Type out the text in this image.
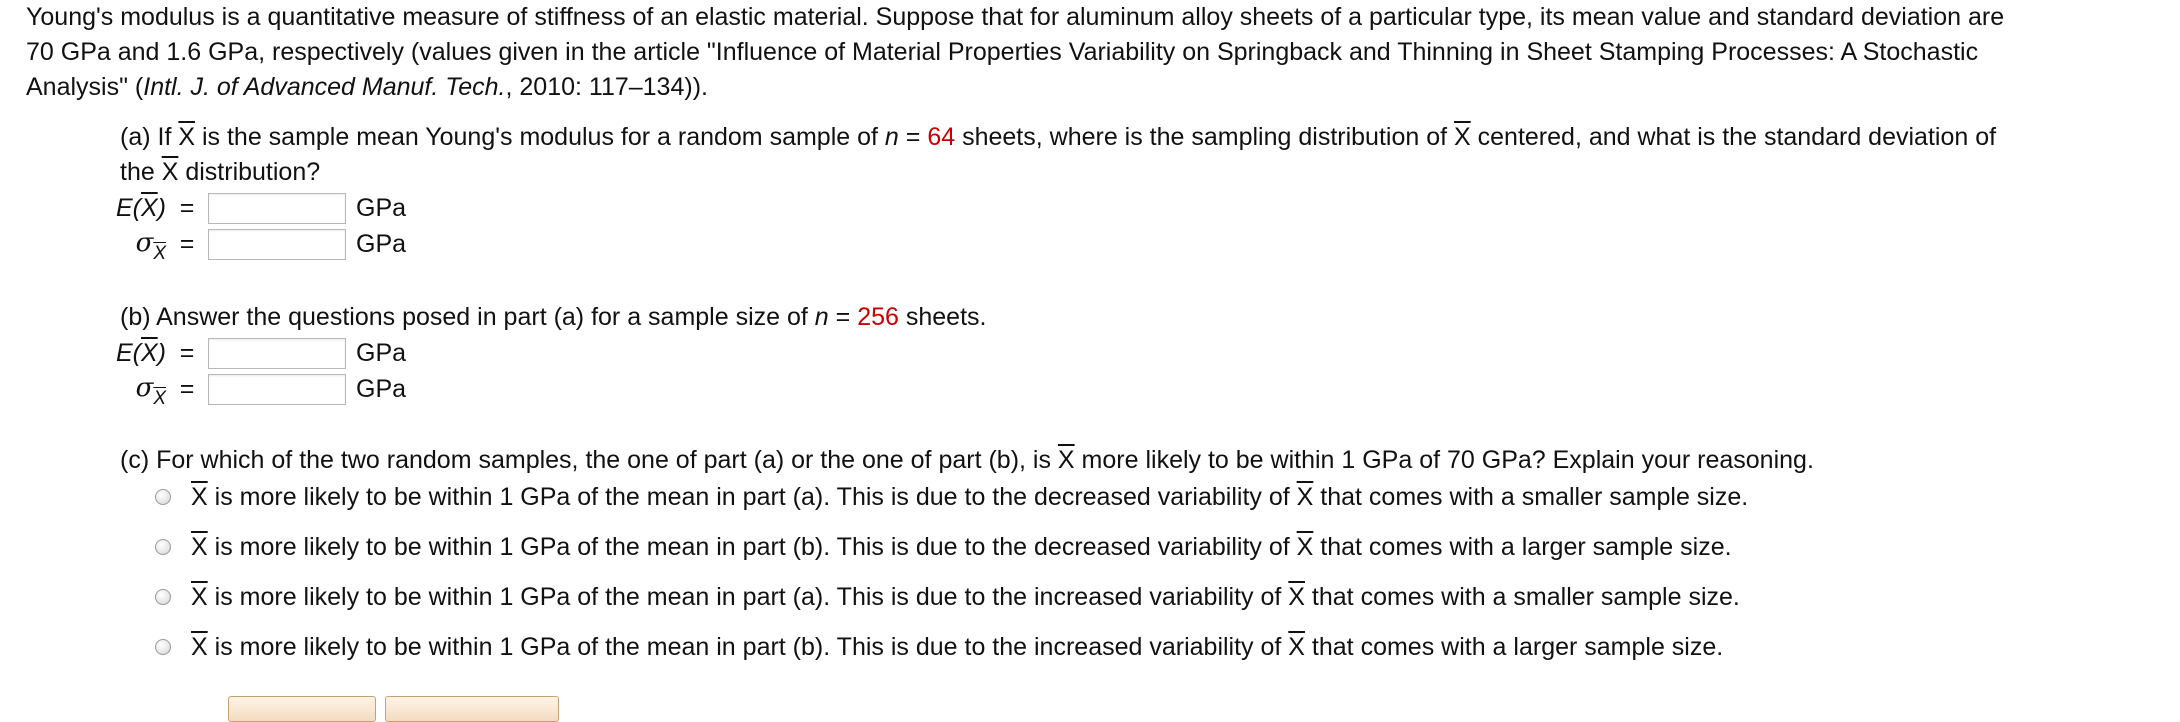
Young's modulus is a quantitative measure of stiffness of an elastic material. Suppose that for aluminum alloy sheets of a particular type, its mean value and standard deviation are

70 GPa and 1.6 GPa, respectively (values given in the article "Influence of Material Properties Variability on Springback and Thinning in Sheet Stamping Processes: A Stochastic

Analysis" (Intl. J. of Advanced Manuf. Tech., 2010: 117–134)).

(a) If $\overline{X}$ is the sample mean Young's modulus for a random sample of n = 64 sheets, where is the sampling distribution of $\overline{X}$ centered, and what is the standard deviation of

the $\overline{X}$ distribution?

$E(\overline{X})$ =	GPa
$\sigma_{\overline{X}}$ =	GPa

(b) Answer the questions posed in part (a) for a sample size of n = 256 sheets.

$E(\overline{X})$ =	GPa
$\sigma_{\overline{X}}$ =	GPa

(c) For which of the two random samples, the one of part (a) or the one of part (b), is $\overline{X}$ more likely to be within 1 GPa of 70 GPa? Explain your reasoning.

$\overline{X}$ is more likely to be within 1 GPa of the mean in part (a). This is due to the decreased variability of $\overline{X}$ that comes with a smaller sample size.
$\overline{X}$ is more likely to be within 1 GPa of the mean in part (b). This is due to the decreased variability of $\overline{X}$ that comes with a larger sample size.
$\overline{X}$ is more likely to be within 1 GPa of the mean in part (a). This is due to the increased variability of $\overline{X}$ that comes with a smaller sample size.
$\overline{X}$ is more likely to be within 1 GPa of the mean in part (b). This is due to the increased variability of $\overline{X}$ that comes with a larger sample size.
